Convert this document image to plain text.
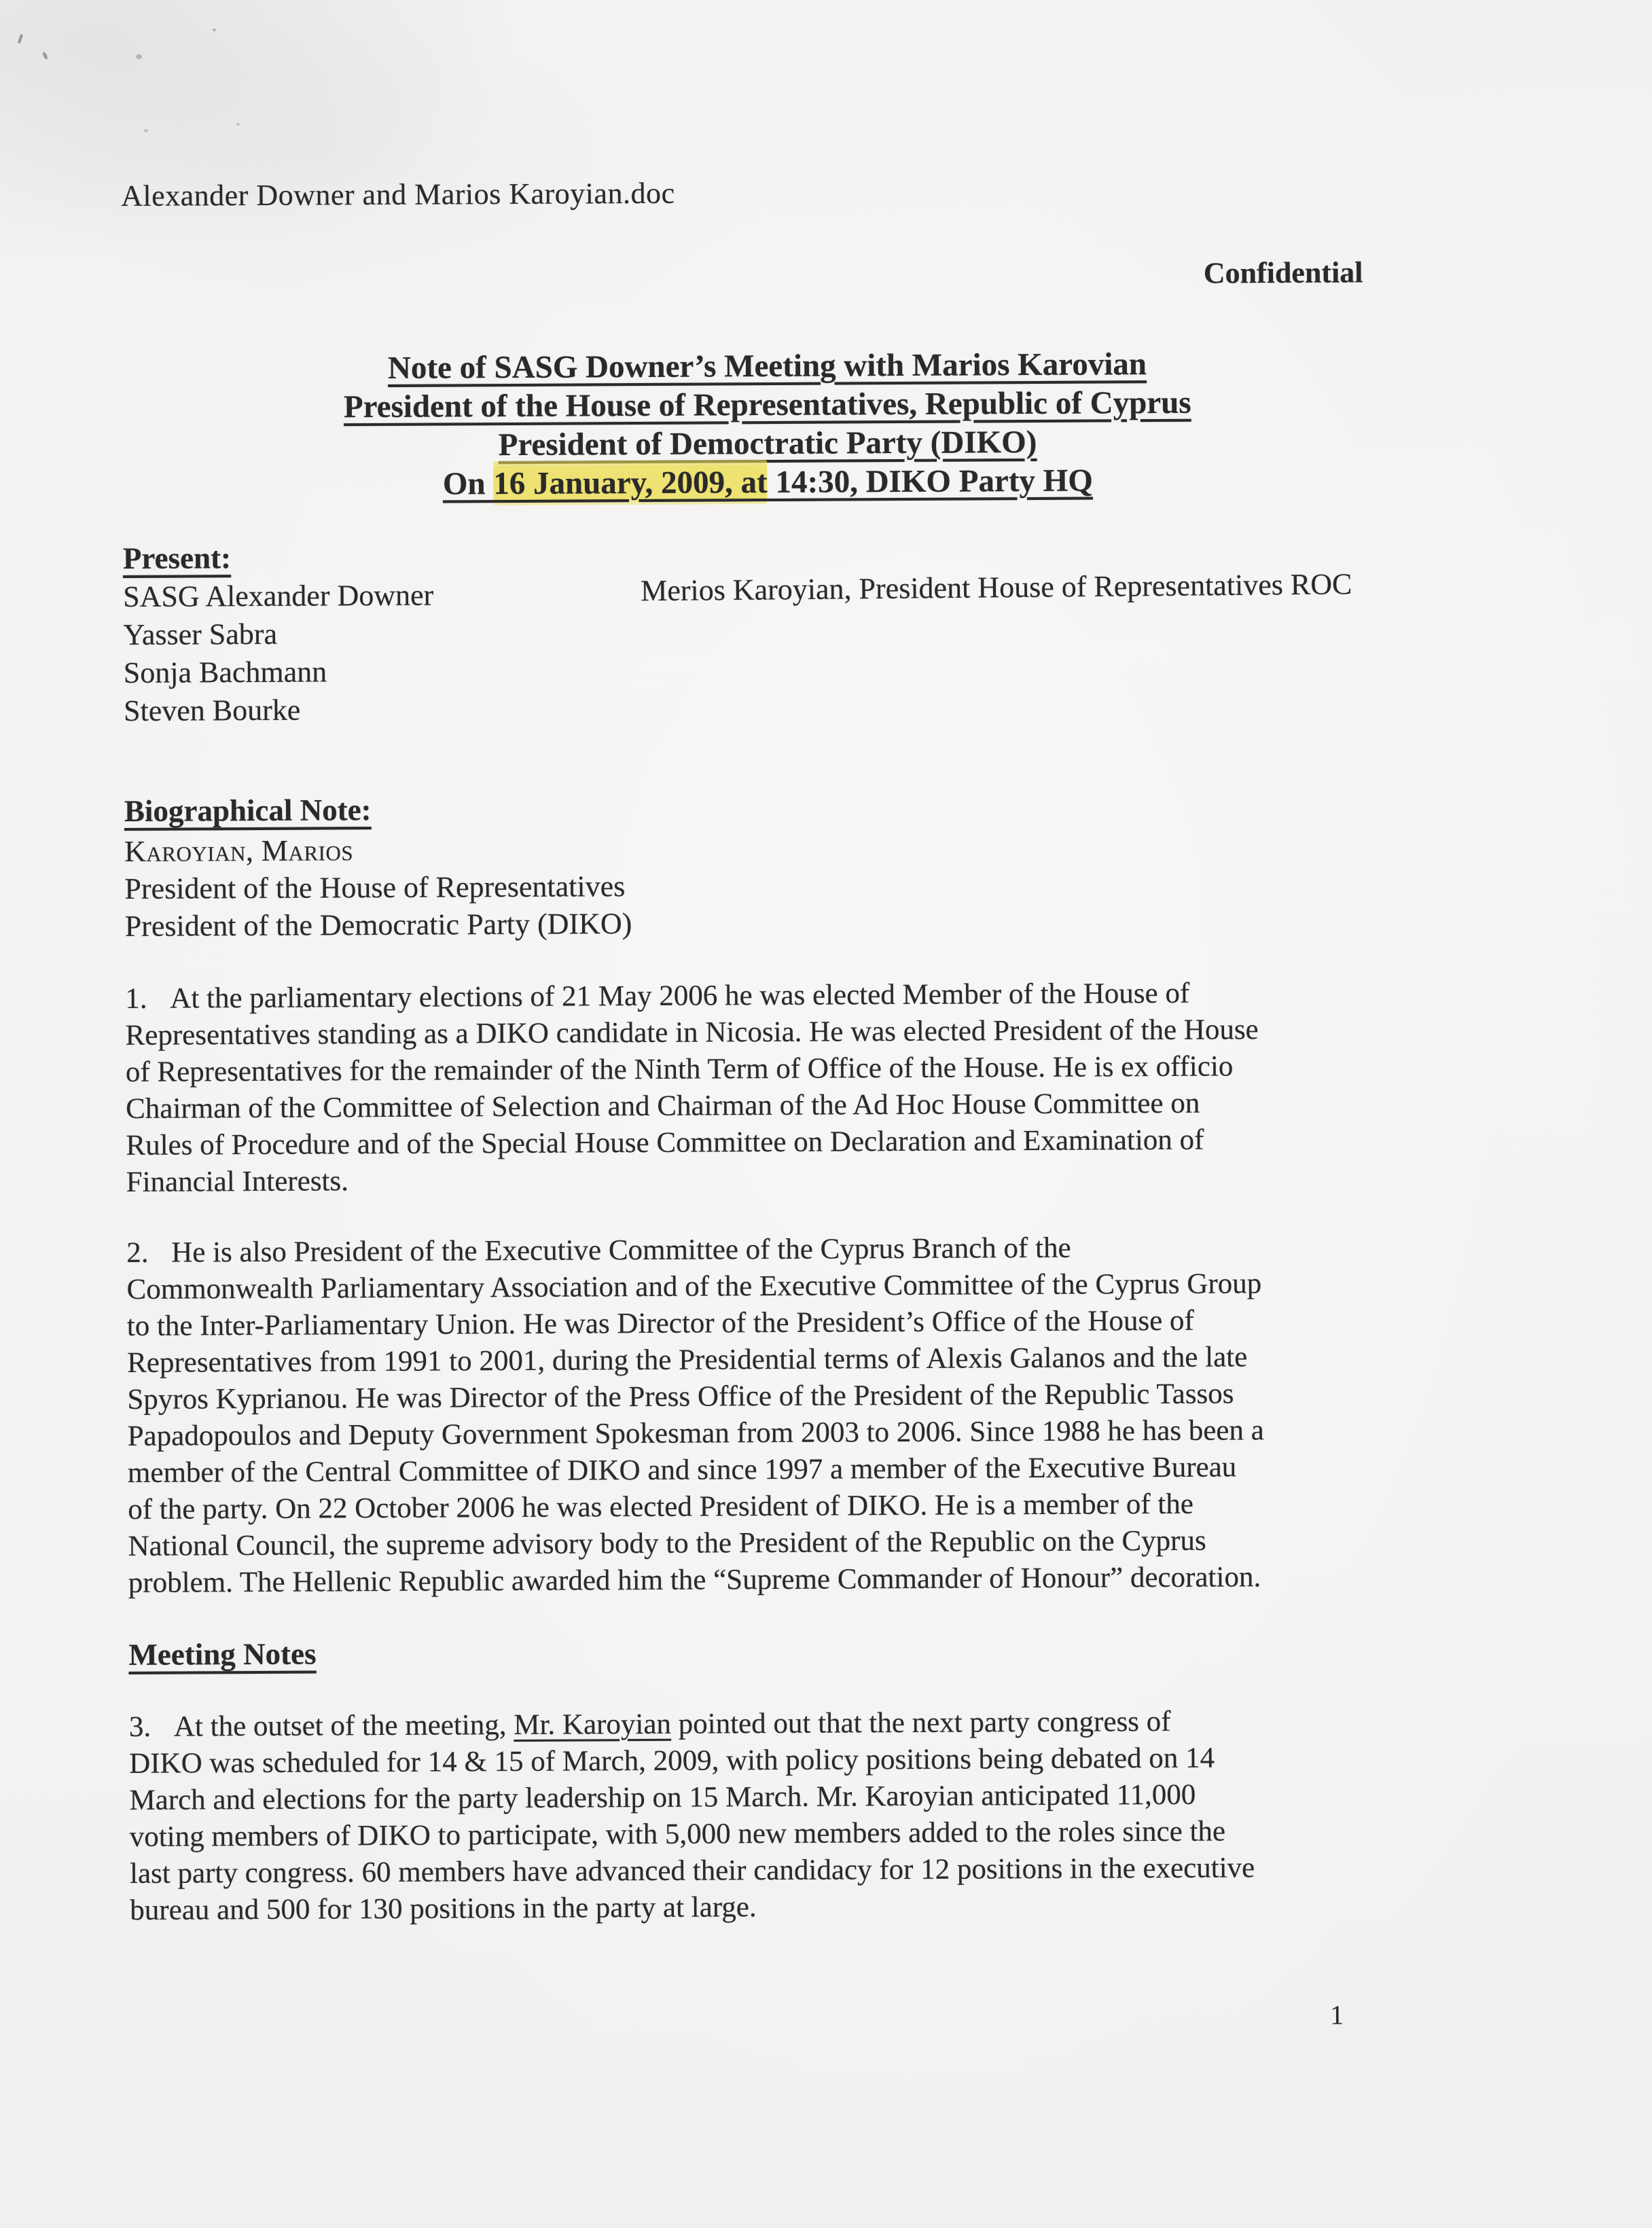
Alexander Downer and Marios Karoyian.doc
Confidential
Note of SASG Downer’s Meeting with Marios Karovian
President of the House of Representatives, Republic of Cyprus
President of Democtratic Party (DIKO)
On 16 January, 2009, at 14:30, DIKO Party HQ
Present:
SASG Alexander Downer
Yasser Sabra
Sonja Bachmann
Steven Bourke
Merios Karoyian, President House of Representatives ROC
Biographical Note:
Karoyian, Marios
President of the House of Representatives
President of the Democratic Party (DIKO)
1. At the parliamentary elections of 21 May 2006 he was elected Member of the House of
Representatives standing as a DIKO candidate in Nicosia. He was elected President of the House
of Representatives for the remainder of the Ninth Term of Office of the House. He is ex officio
Chairman of the Committee of Selection and Chairman of the Ad Hoc House Committee on
Rules of Procedure and of the Special House Committee on Declaration and Examination of
Financial Interests.
2. He is also President of the Executive Committee of the Cyprus Branch of the
Commonwealth Parliamentary Association and of the Executive Committee of the Cyprus Group
to the Inter-Parliamentary Union. He was Director of the President’s Office of the House of
Representatives from 1991 to 2001, during the Presidential terms of Alexis Galanos and the late
Spyros Kyprianou. He was Director of the Press Office of the President of the Republic Tassos
Papadopoulos and Deputy Government Spokesman from 2003 to 2006. Since 1988 he has been a
member of the Central Committee of DIKO and since 1997 a member of the Executive Bureau
of the party. On 22 October 2006 he was elected President of DIKO. He is a member of the
National Council, the supreme advisory body to the President of the Republic on the Cyprus
problem. The Hellenic Republic awarded him the “Supreme Commander of Honour” decoration.
Meeting Notes
3. At the outset of the meeting, Mr. Karoyian pointed out that the next party congress of
DIKO was scheduled for 14 & 15 of March, 2009, with policy positions being debated on 14
March and elections for the party leadership on 15 March. Mr. Karoyian anticipated 11,000
voting members of DIKO to participate, with 5,000 new members added to the roles since the
last party congress. 60 members have advanced their candidacy for 12 positions in the executive
bureau and 500 for 130 positions in the party at large.
1
